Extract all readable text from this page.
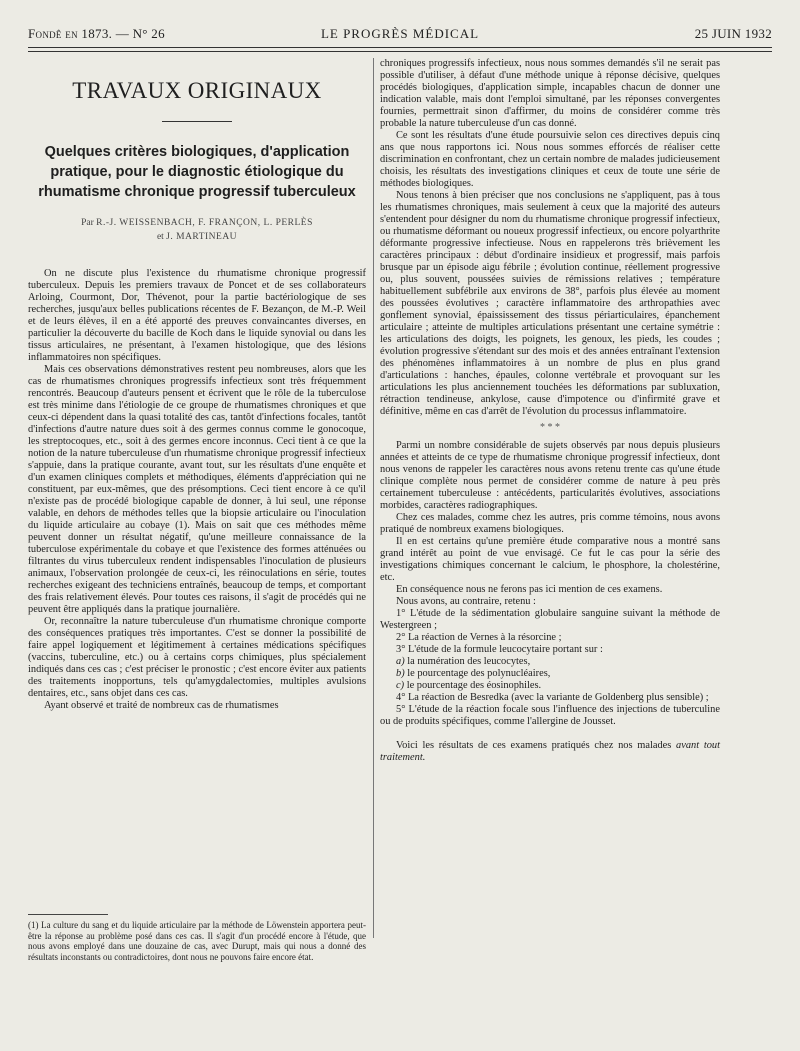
Fondê en 1873. — N° 26	LE PROGRÈS MÉDICAL	25 JUIN 1932
TRAVAUX ORIGINAUX
Quelques critères biologiques, d'application pratique, pour le diagnostic étiologique du rhumatisme chronique progressif tuberculeux
Par R.-J. WEISSENBACH, F. FRANÇON, L. PERLÈS
et J. MARTINEAU

On ne discute plus l'existence du rhumatisme chronique progressif tuberculeux. Depuis les premiers travaux de Poncet et de ses collaborateurs Arloing, Courmont, Dor, Thévenot, pour la partie bactériologique de ses recherches, jusqu'aux belles publications récentes de F. Bezançon, de M.-P. Weil et de leurs élèves, il en a été apporté des preuves convaincantes diverses, en particulier la découverte du bacille de Koch dans le liquide synovial ou dans les tissus articulaires, ne présentant, à l'examen histologique, que des lésions inflammatoires non spécifiques.

Mais ces observations démonstratives restent peu nombreuses, alors que les cas de rhumatismes chroniques progressifs infectieux sont très fréquemment rencontrés. Beaucoup d'auteurs pensent et écrivent que le rôle de la tuberculose est très minime dans l'étiologie de ce groupe de rhumatismes chroniques et que ceux-ci dépendent dans la quasi totalité des cas, tantôt d'infections focales, tantôt d'infections d'autre nature dues soit à des germes connus comme le gonocoque, les streptocoques, etc., soit à des germes encore inconnus. Ceci tient à ce que la notion de la nature tuberculeuse d'un rhumatisme chronique progressif infectieux s'appuie, dans la pratique courante, avant tout, sur les résultats d'une enquête et d'un examen cliniques complets et méthodiques, éléments d'appréciation qui ne constituent, par eux-mêmes, que des présomptions. Ceci tient encore à ce qu'il n'existe pas de procédé biologique capable de donner, à lui seul, une réponse valable, en dehors de méthodes telles que la biopsie articulaire ou l'inoculation du liquide articulaire au cobaye (1). Mais on sait que ces méthodes même peuvent donner un résultat négatif, qu'une meilleure connaissance de la tuberculose expérimentale du cobaye et que l'existence des formes atténuées ou filtrantes du virus tuberculeux rendent indispensables l'inoculation de plusieurs animaux, l'observation prolongée de ceux-ci, les réinoculations en série, toutes recherches exigeant des techniciens entraînés, beaucoup de temps, et comportant des frais relativement élevés. Pour toutes ces raisons, il s'agit de procédés qui ne peuvent être appliqués dans la pratique journalière.

Or, reconnaître la nature tuberculeuse d'un rhumatisme chronique comporte des conséquences pratiques très importantes. C'est se donner la possibilité de faire appel logiquement et légitimement à certaines médications spécifiques (vaccins, tuberculine, etc.) ou à certains corps chimiques, plus spécialement indiqués dans ces cas ; c'est préciser le pronostic ; c'est encore éviter aux patients des traitements inopportuns, tels qu'amygdalectomies, multiples avulsions dentaires, etc., sans objet dans ces cas.

Ayant observé et traité de nombreux cas de rhumatismes

chroniques progressifs infectieux, nous nous sommes demandés s'il ne serait pas possible d'utiliser, à défaut d'une méthode unique à réponse décisive, quelques procédés biologiques, d'application simple, incapables chacun de donner une indication valable, mais dont l'emploi simultané, par les réponses convergentes fournies, permettrait sinon d'affirmer, du moins de considérer comme très probable la nature tuberculeuse d'un cas donné.

Ce sont les résultats d'une étude poursuivie selon ces directives depuis cinq ans que nous rapportons ici. Nous nous sommes efforcés de réaliser cette discrimination en confrontant, chez un certain nombre de malades judicieusement choisis, les résultats des investigations cliniques et ceux de toute une série de méthodes biologiques.

Nous tenons à bien préciser que nos conclusions ne s'appliquent, pas à tous les rhumatismes chroniques, mais seulement à ceux que la majorité des auteurs s'entendent pour désigner du nom du rhumatisme chronique progressif infectieux, ou rhumatisme déformant ou noueux progressif infectieux, ou encore polyarthrite déformante progressive infectieuse. Nous en rappelerons très brièvement les caractères principaux : début d'ordinaire insidieux et progressif, mais parfois brusque par un épisode aigu fébrile ; évolution continue, réellement progressive ou, plus souvent, poussées suivies de rémissions relatives ; température habituellement subfébrile aux environs de 38°, parfois plus élevée au moment des poussées évolutives ; caractère inflammatoire des arthropathies avec gonflement synovial, épaississement des tissus périarticulaires, épanchement articulaire ; atteinte de multiples articulations présentant une certaine symétrie : les articulations des doigts, les poignets, les genoux, les pieds, les coudes ; évolution progressive s'étendant sur des mois et des années entraînant l'extension des phénomènes inflammatoires à un nombre de plus en plus grand d'articulations : hanches, épaules, colonne vertébrale et provoquant sur les articulations les plus anciennement touchées les déformations par subluxation, rétraction tendineuse, ankylose, cause d'impotence ou d'infirmité grave et définitive, même en cas d'arrêt de l'évolution du processus inflammatoire.

* * *

Parmi un nombre considérable de sujets observés par nous depuis plusieurs années et atteints de ce type de rhumatisme chronique progressif infectieux, dont nous venons de rappeler les caractères nous avons retenu trente cas qu'une étude clinique complète nous permet de considérer comme de nature à peu près certainement tuberculeuse : antécédents, particularités évolutives, associations morbides, caractères radiographiques.

Chez ces malades, comme chez les autres, pris comme témoins, nous avons pratiqué de nombreux examens biologiques.

Il en est certains qu'une première étude comparative nous a montré sans grand intérêt au point de vue envisagé. Ce fut le cas pour la série des investigations chimiques concernant le calcium, le phosphore, la cholestérine, etc.

En conséquence nous ne ferons pas ici mention de ces examens.

Nous avons, au contraire, retenu :

1° L'étude de la sédimentation globulaire sanguine suivant la méthode de Westergreen ;

2° La réaction de Vernes à la résorcine ;

3° L'étude de la formule leucocytaire portant sur :

a) la numération des leucocytes,

b) le pourcentage des polynucléaires,

c) le pourcentage des éosinophiles.

4° La réaction de Besredka (avec la variante de Goldenberg plus sensible) ;

5° L'étude de la réaction focale sous l'influence des injections de tuberculine ou de produits spécifiques, comme l'allergine de Jousset.

Voici les résultats de ces examens pratiqués chez nos malades avant tout traitement.

(1) La culture du sang et du liquide articulaire par la méthode de Löwenstein apportera peut-être la réponse au problème posé dans ces cas. Il s'agit d'un procédé encore à l'étude, que nous avons employé dans une douzaine de cas, avec Durupt, mais qui nous a donné des résultats inconstants ou contradictoires, dont nous ne pouvons faire encore état.
